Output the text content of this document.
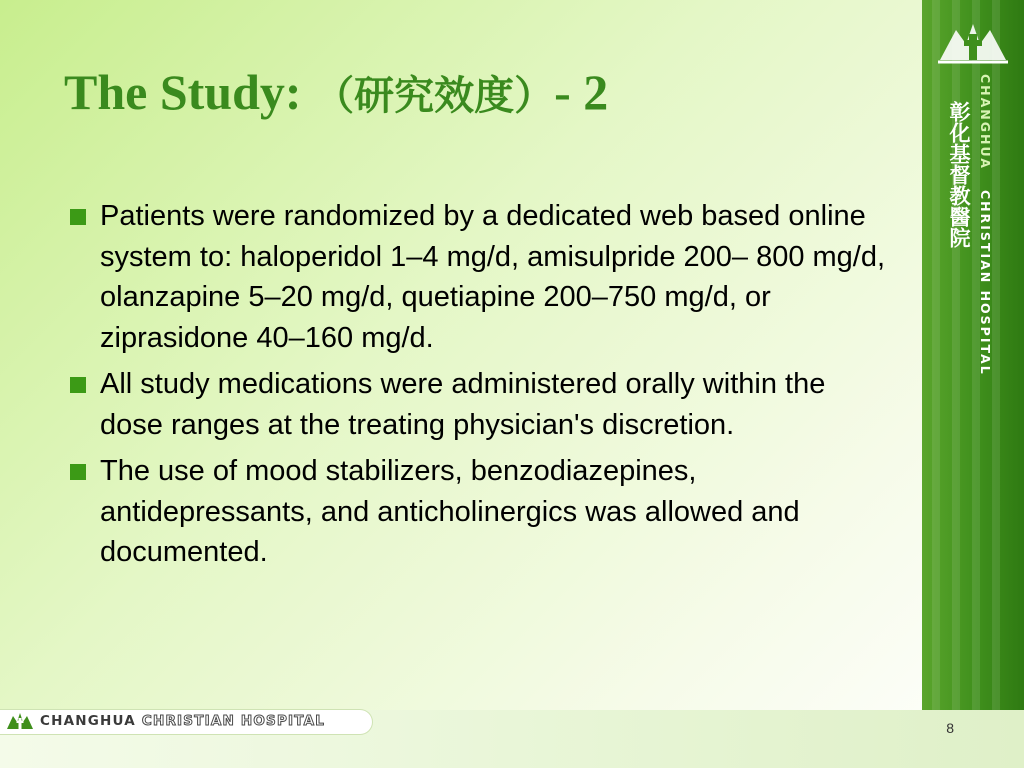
彰化基督教醫院 CHANGHUA CHRISTIAN HOSPITAL
The Study: （研究效度）- 2
Patients were randomized by a dedicated web based online system to: haloperidol 1–4 mg/d, amisulpride 200– 800 mg/d, olanzapine 5–20 mg/d, quetiapine 200–750 mg/d, or ziprasidone 40–160 mg/d.
All study medications were administered orally within the dose ranges at the treating physician's discretion.
The use of mood stabilizers, benzodiazepines, antidepressants, and anticholinergics was allowed and documented.
CHANGHUA CHRISTIAN HOSPITAL	8
